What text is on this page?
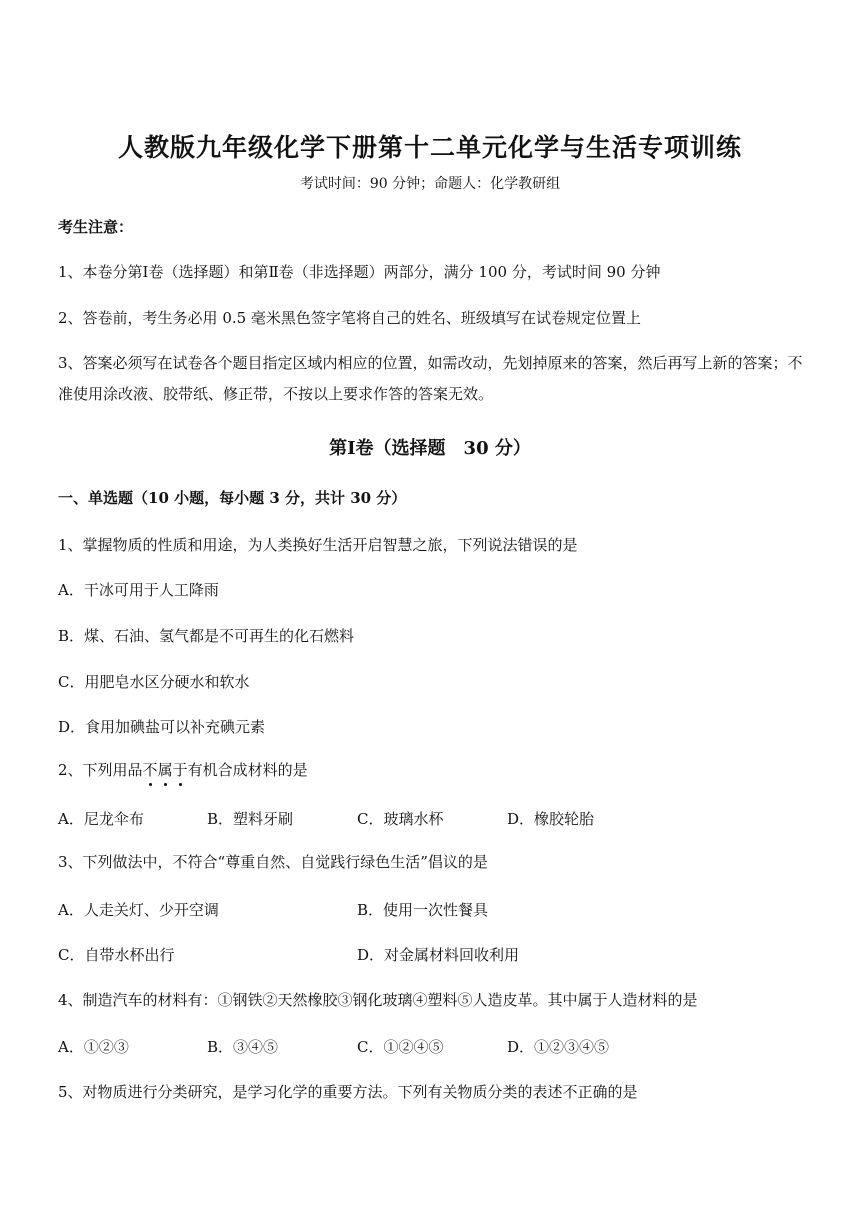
人教版九年级化学下册第十二单元化学与生活专项训练
考试时间：90 分钟；命题人：化学教研组
考生注意：
1、本卷分第Ⅰ卷（选择题）和第Ⅱ卷（非选择题）两部分，满分 100 分，考试时间 90 分钟
2、答卷前，考生务必用 0.5 毫米黑色签字笔将自己的姓名、班级填写在试卷规定位置上
3、答案必须写在试卷各个题目指定区域内相应的位置，如需改动，先划掉原来的答案，然后再写上新的答案；不准使用涂改液、胶带纸、修正带，不按以上要求作答的答案无效。
第Ⅰ卷（选择题　30 分）
一、单选题（10 小题，每小题 3 分，共计 30 分）
1、掌握物质的性质和用途，为人类换好生活开启智慧之旅，下列说法错误的是
A．干冰可用于人工降雨
B．煤、石油、氢气都是不可再生的化石燃料
C．用肥皂水区分硬水和软水
D．食用加碘盐可以补充碘元素
2、下列用品不属于有机合成材料的是
A．尼龙伞布	B．塑料牙刷	C．玻璃水杯	D．橡胶轮胎
3、下列做法中，不符合“尊重自然、自觉践行绿色生活”倡议的是
A．人走关灯、少开空调	B．使用一次性餐具
C．自带水杯出行	D．对金属材料回收利用
4、制造汽车的材料有：①钢铁②天然橡胶③钢化玻璃④塑料⑤人造皮革。其中属于人造材料的是
A．①②③	B．③④⑤	C．①②④⑤	D．①②③④⑤
5、对物质进行分类研究，是学习化学的重要方法。下列有关物质分类的表述不正确的是
